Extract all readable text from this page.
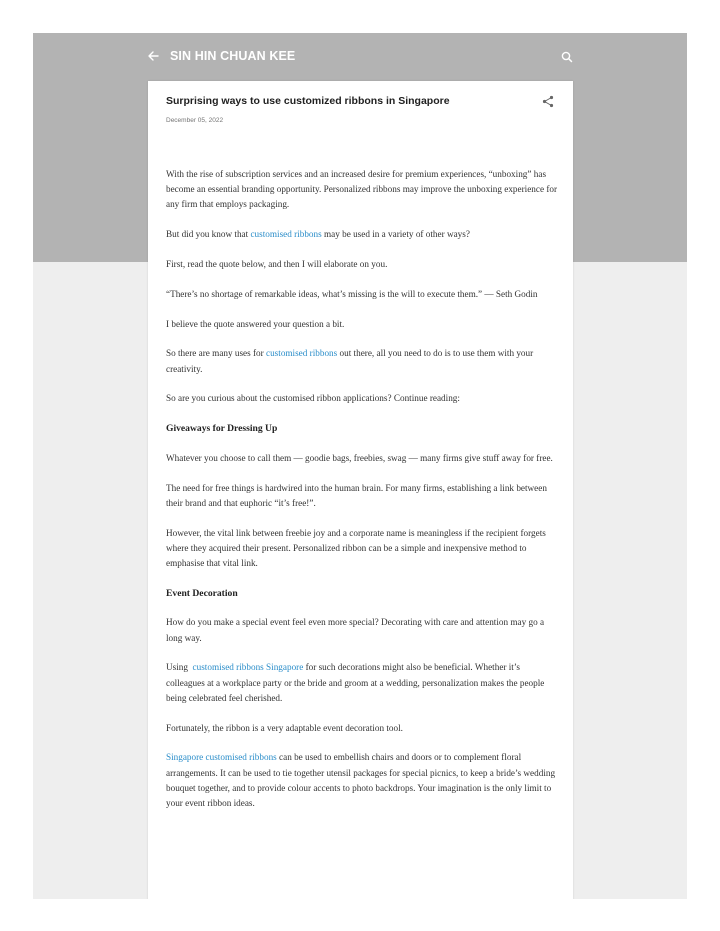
SIN HIN CHUAN KEE
Surprising ways to use customized ribbons in Singapore
December 05, 2022

With the rise of subscription services and an increased desire for premium experiences, “unboxing” has become an essential branding opportunity. Personalized ribbons may improve the unboxing experience for any firm that employs packaging.

But did you know that customised ribbons may be used in a variety of other ways?

First, read the quote below, and then I will elaborate on you.

“There’s no shortage of remarkable ideas, what’s missing is the will to execute them.” — Seth Godin

I believe the quote answered your question a bit.

So there are many uses for customised ribbons out there, all you need to do is to use them with your creativity.

So are you curious about the customised ribbon applications? Continue reading:

Giveaways for Dressing Up

Whatever you choose to call them — goodie bags, freebies, swag — many firms give stuff away for free.

The need for free things is hardwired into the human brain. For many firms, establishing a link between their brand and that euphoric “it’s free!”.

However, the vital link between freebie joy and a corporate name is meaningless if the recipient forgets where they acquired their present. Personalized ribbon can be a simple and inexpensive method to emphasise that vital link.

Event Decoration

How do you make a special event feel even more special? Decorating with care and attention may go a long way.

Using  customised ribbons Singapore for such decorations might also be beneficial. Whether it’s colleagues at a workplace party or the bride and groom at a wedding, personalization makes the people being celebrated feel cherished.

Fortunately, the ribbon is a very adaptable event decoration tool.

Singapore customised ribbons can be used to embellish chairs and doors or to complement floral arrangements. It can be used to tie together utensil packages for special picnics, to keep a bride’s wedding bouquet together, and to provide colour accents to photo backdrops. Your imagination is the only limit to your event ribbon ideas.
